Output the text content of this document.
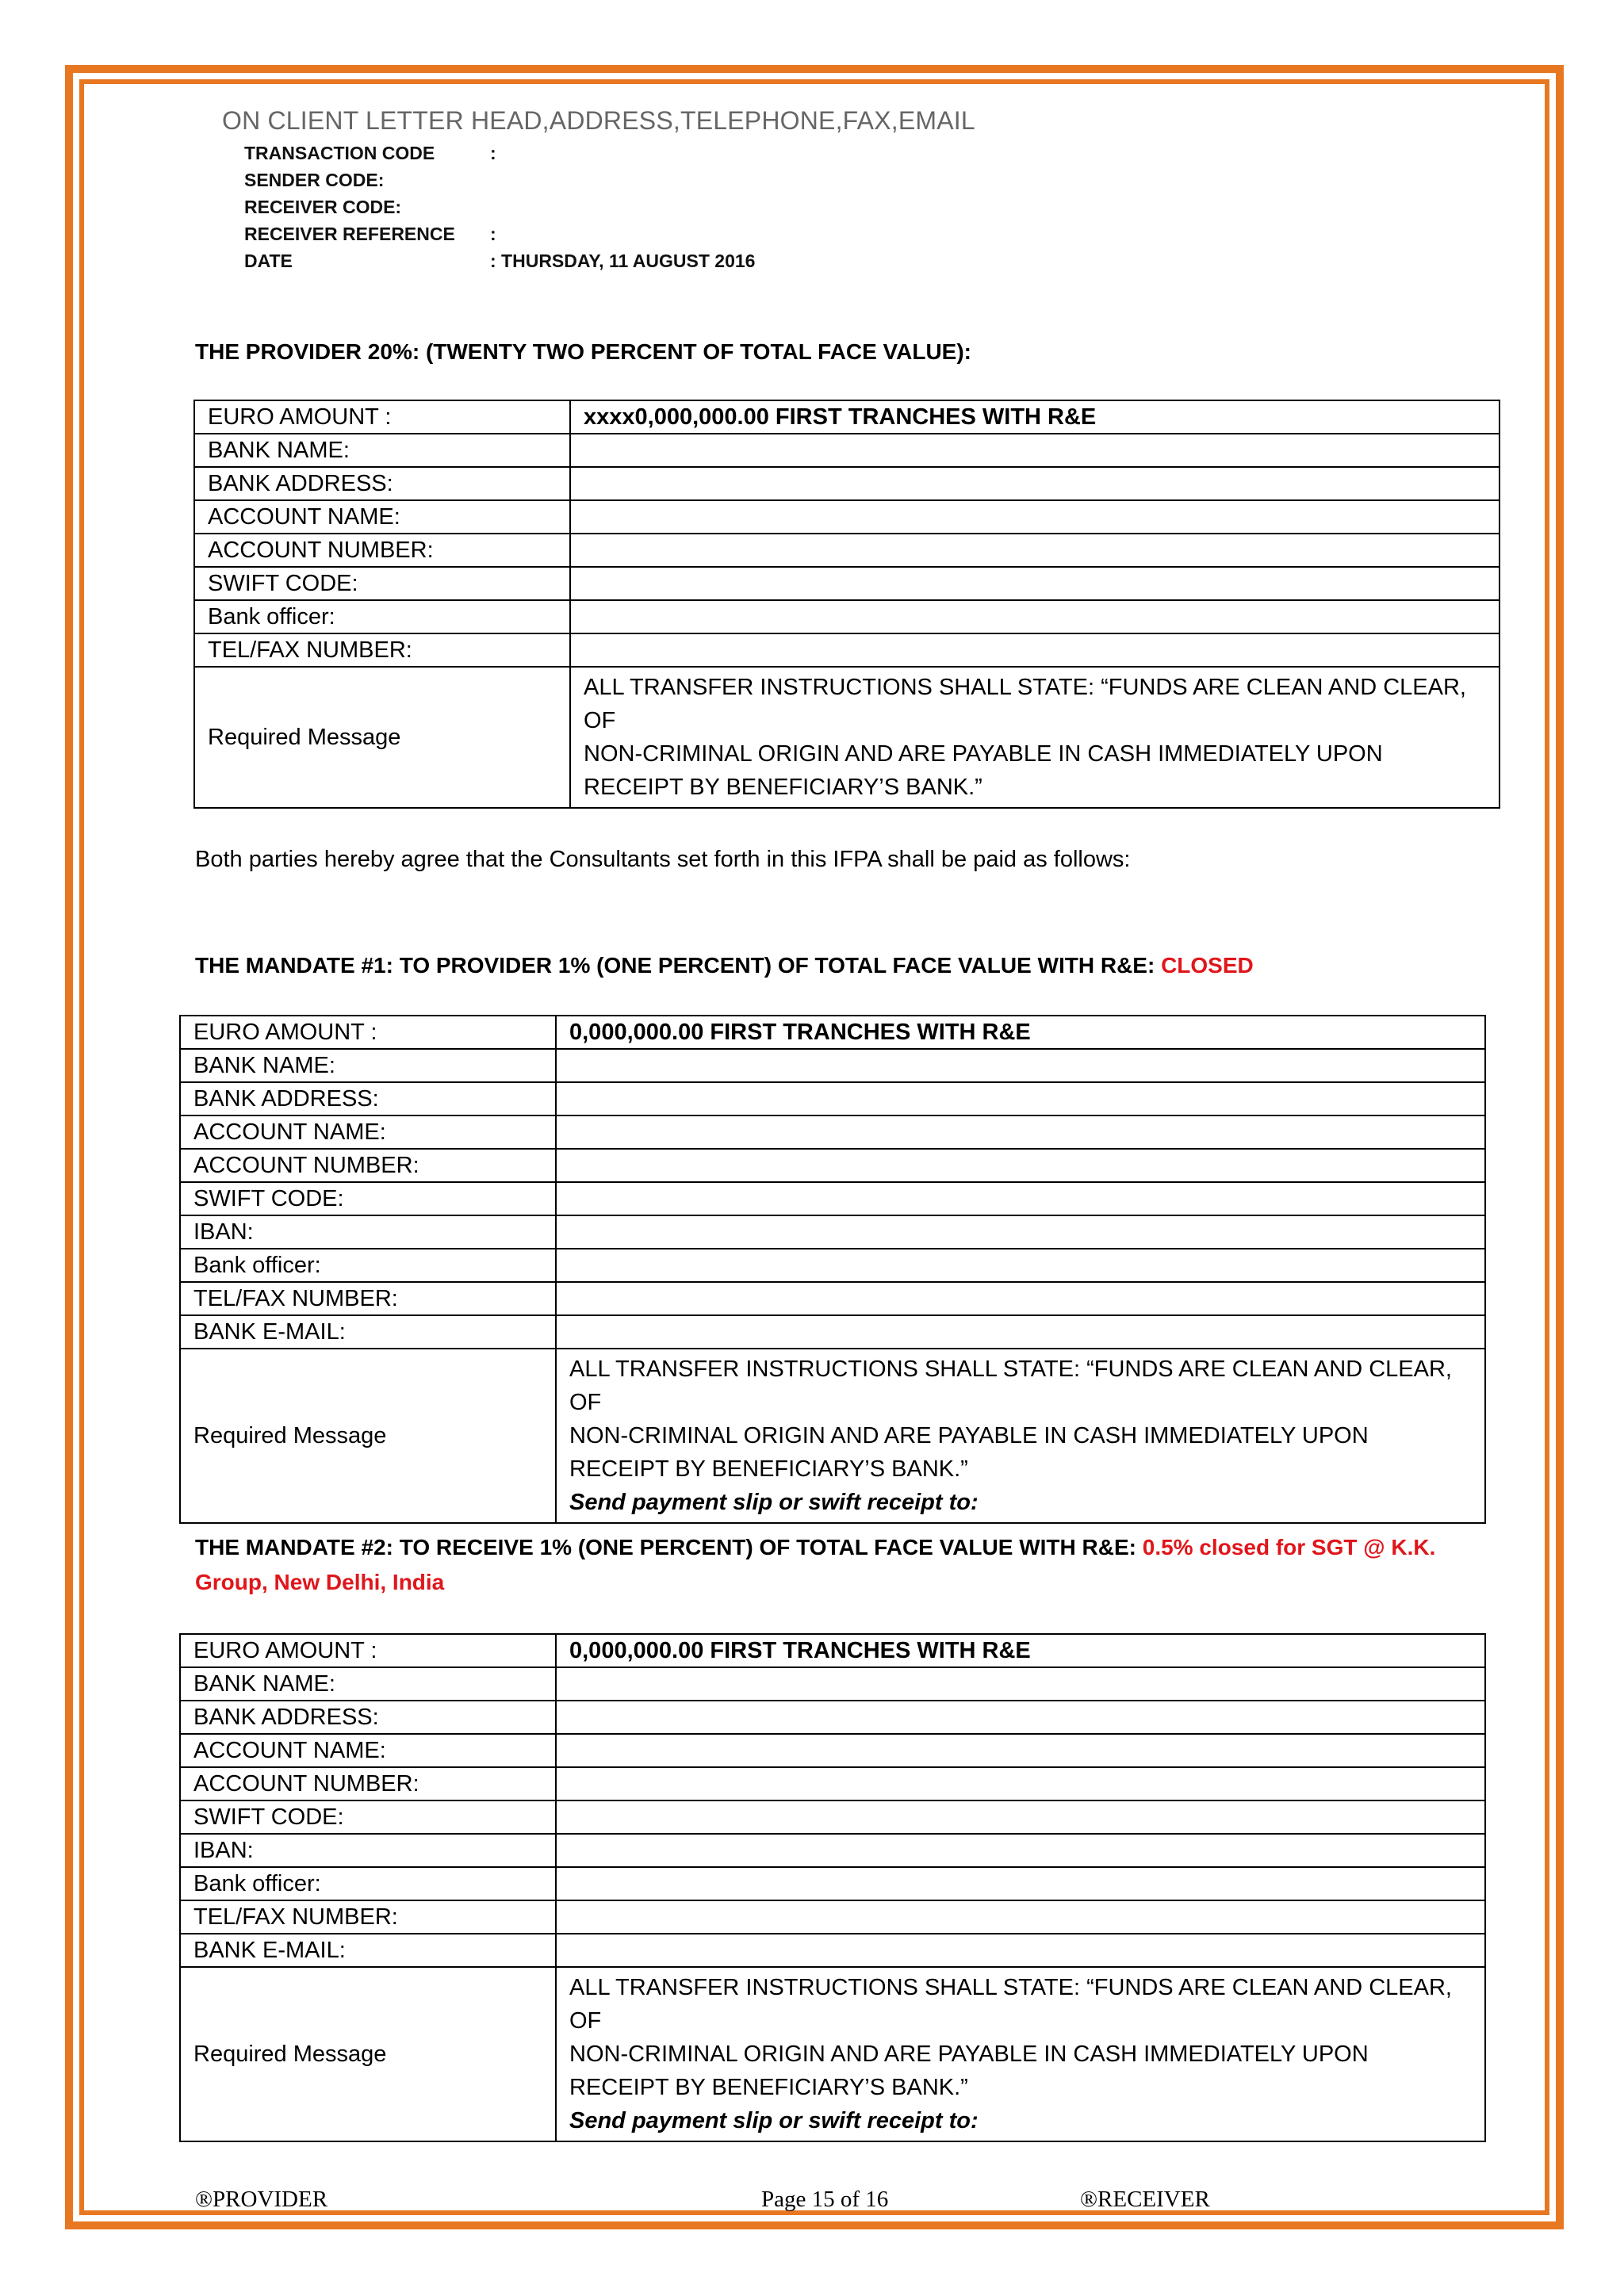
ON CLIENT LETTER HEAD,ADDRESS,TELEPHONE,FAX,EMAIL
TRANSACTION CODE	:
SENDER CODE:
RECEIVER CODE:
RECEIVER REFERENCE :
DATE	: THURSDAY, 11 AUGUST 2016
THE PROVIDER 20%: (TWENTY TWO PERCENT OF TOTAL FACE VALUE):
EURO AMOUNT :	xxxx0,000,000.00 FIRST TRANCHES WITH R&E
BANK NAME:	
BANK ADDRESS:	
ACCOUNT NAME:	
ACCOUNT NUMBER:	
SWIFT CODE:	
Bank officer:	
TEL/FAX NUMBER:	
Required Message	ALL TRANSFER INSTRUCTIONS SHALL STATE: “FUNDS ARE CLEAN AND CLEAR, OF
NON-CRIMINAL ORIGIN AND ARE PAYABLE IN CASH IMMEDIATELY UPON
RECEIPT BY BENEFICIARY’S BANK.”
Both parties hereby agree that the Consultants set forth in this IFPA shall be paid as follows:
THE MANDATE #1: TO PROVIDER 1% (ONE PERCENT) OF TOTAL FACE VALUE WITH R&E: CLOSED
EURO AMOUNT :	0,000,000.00 FIRST TRANCHES WITH R&E
BANK NAME:	
BANK ADDRESS:	
ACCOUNT NAME:	
ACCOUNT NUMBER:	
SWIFT CODE:	
IBAN:	
Bank officer:	
TEL/FAX NUMBER:	
BANK E-MAIL:	
Required Message	ALL TRANSFER INSTRUCTIONS SHALL STATE: “FUNDS ARE CLEAN AND CLEAR, OF
NON-CRIMINAL ORIGIN AND ARE PAYABLE IN CASH IMMEDIATELY UPON
RECEIPT BY BENEFICIARY’S BANK.”
Send payment slip or swift receipt to:
THE MANDATE #2: TO RECEIVE 1% (ONE PERCENT) OF TOTAL FACE VALUE WITH R&E: 0.5% closed for SGT @ K.K.
Group, New Delhi, India
EURO AMOUNT :	0,000,000.00 FIRST TRANCHES WITH R&E
BANK NAME:	
BANK ADDRESS:	
ACCOUNT NAME:	
ACCOUNT NUMBER:	
SWIFT CODE:	
IBAN:	
Bank officer:	
TEL/FAX NUMBER:	
BANK E-MAIL:	
Required Message	ALL TRANSFER INSTRUCTIONS SHALL STATE: “FUNDS ARE CLEAN AND CLEAR, OF
NON-CRIMINAL ORIGIN AND ARE PAYABLE IN CASH IMMEDIATELY UPON
RECEIPT BY BENEFICIARY’S BANK.”
Send payment slip or swift receipt to:
®PROVIDER	Page 15 of 16	®RECEIVER
